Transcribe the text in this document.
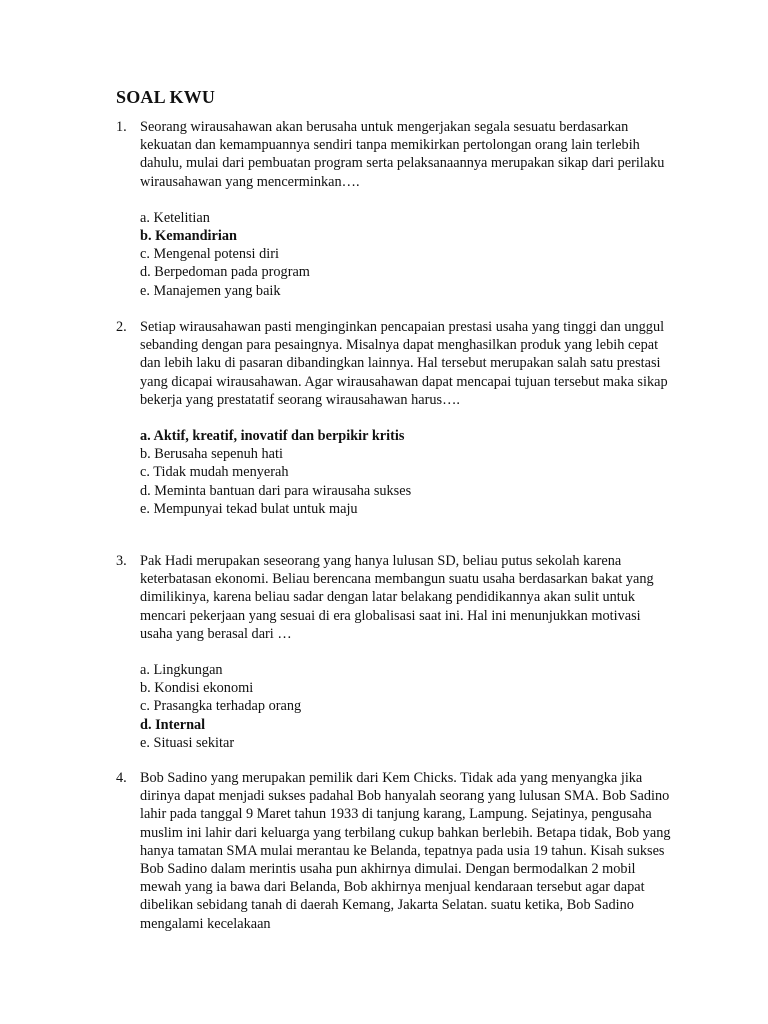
SOAL KWU
1. Seorang wirausahawan akan berusaha untuk mengerjakan segala sesuatu berdasarkan kekuatan dan kemampuannya sendiri tanpa memikirkan pertolongan orang lain terlebih dahulu, mulai dari pembuatan program serta pelaksanaannya merupakan sikap dari perilaku wirausahawan yang mencerminkan….
a. Ketelitian
b. Kemandirian
c. Mengenal potensi diri
d. Berpedoman pada program
e. Manajemen yang baik
2. Setiap wirausahawan pasti menginginkan pencapaian prestasi usaha yang tinggi dan unggul sebanding dengan para pesaingnya. Misalnya dapat menghasilkan produk yang lebih cepat dan lebih laku di pasaran dibandingkan lainnya. Hal tersebut merupakan salah satu prestasi yang dicapai wirausahawan. Agar wirausahawan dapat mencapai tujuan tersebut maka sikap bekerja yang prestatatif seorang wirausahawan harus….
a. Aktif, kreatif, inovatif dan berpikir kritis
b. Berusaha sepenuh hati
c. Tidak mudah menyerah
d. Meminta bantuan dari para wirausaha sukses
e. Mempunyai tekad bulat untuk maju
3. Pak Hadi merupakan seseorang yang hanya lulusan SD, beliau putus sekolah karena keterbatasan ekonomi. Beliau berencana membangun suatu usaha berdasarkan bakat yang dimilikinya, karena beliau sadar dengan latar belakang pendidikannya akan sulit untuk mencari pekerjaan yang sesuai di era globalisasi saat ini. Hal ini menunjukkan motivasi usaha yang berasal dari …
a. Lingkungan
b. Kondisi ekonomi
c. Prasangka terhadap orang
d. Internal
e. Situasi sekitar
4. Bob Sadino yang merupakan pemilik dari Kem Chicks. Tidak ada yang menyangka jika dirinya dapat menjadi sukses padahal Bob hanyalah seorang yang lulusan SMA. Bob Sadino lahir pada tanggal 9 Maret tahun 1933 di tanjung karang, Lampung. Sejatinya, pengusaha muslim ini lahir dari keluarga yang terbilang cukup bahkan berlebih. Betapa tidak, Bob yang hanya tamatan SMA mulai merantau ke Belanda, tepatnya pada usia 19 tahun. Kisah sukses Bob Sadino dalam merintis usaha pun akhirnya dimulai. Dengan bermodalkan 2 mobil mewah yang ia bawa dari Belanda, Bob akhirnya menjual kendaraan tersebut agar dapat dibelikan sebidang tanah di daerah Kemang, Jakarta Selatan. suatu ketika, Bob Sadino mengalami kecelakaan
